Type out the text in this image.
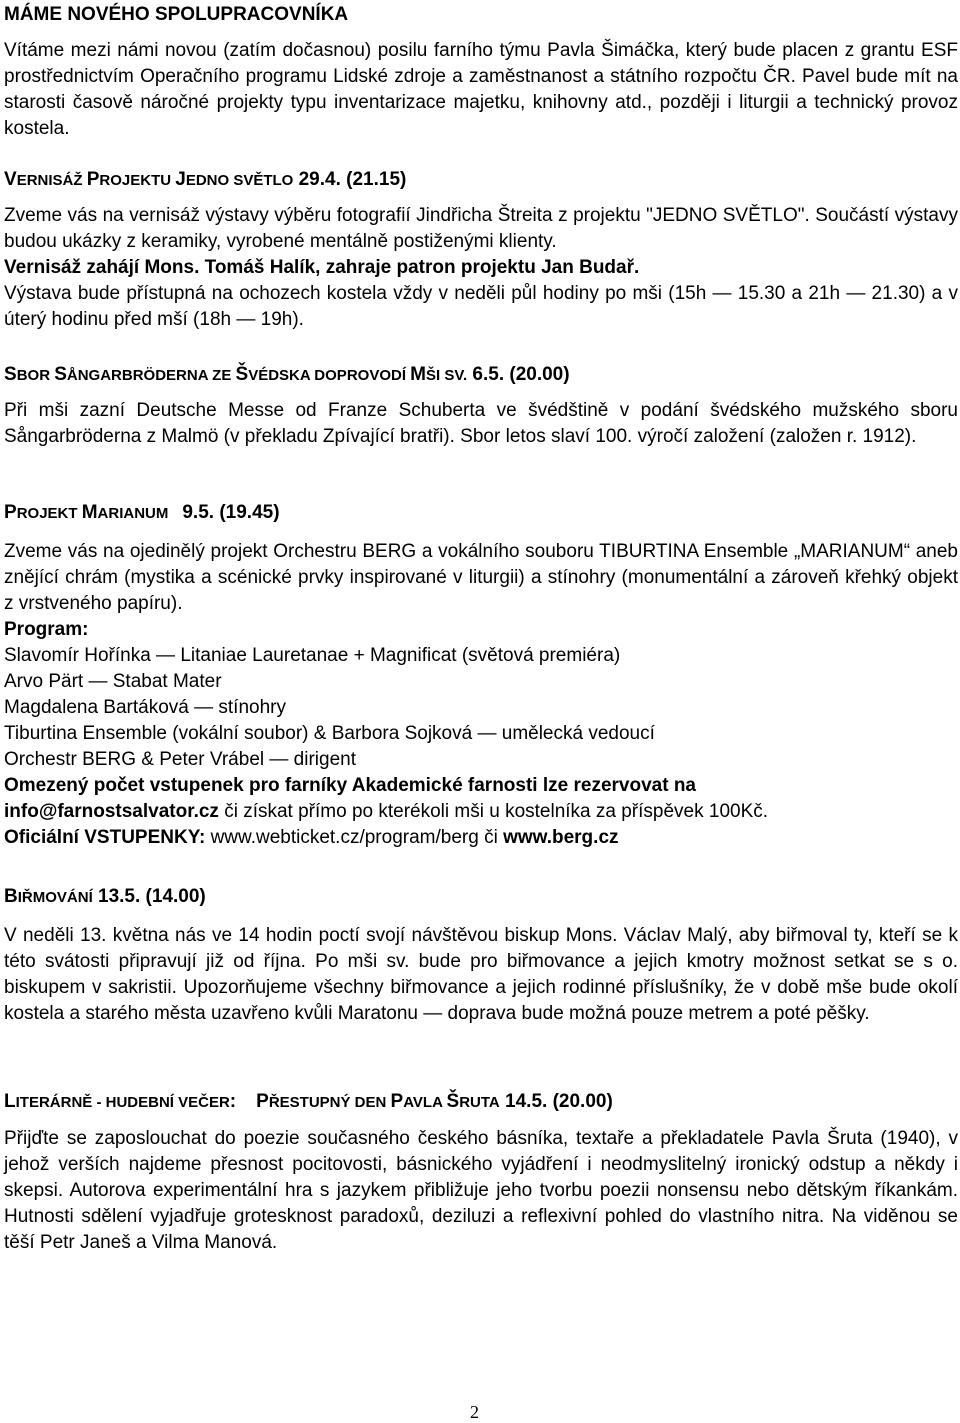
MÁME NOVÉHO SPOLUPRACOVNÍKA
Vítáme mezi námi novou (zatím dočasnou) posilu farního týmu Pavla Šimáčka, který bude placen z grantu ESF prostřednictvím Operačního programu Lidské zdroje a zaměstnanost a státního rozpočtu ČR. Pavel bude mít na starosti časově náročné projekty typu inventarizace majetku, knihovny atd., později i liturgii a technický provoz kostela.
VERNISÁŽ PROJEKTU JEDNO SVĚTLO 29.4. (21.15)
Zveme vás na vernisáž výstavy výběru fotografií Jindřicha Štreita z projektu "JEDNO SVĚTLO". Součástí výstavy budou ukázky z keramiky, vyrobené mentálně postiženými klienty.
Vernisáž zahájí Mons. Tomáš Halík, zahraje patron projektu Jan Budař.
Výstava bude přístupná na ochozech kostela vždy v neděli půl hodiny po mši (15h — 15.30 a 21h — 21.30) a v úterý hodinu před mší (18h — 19h).
SBOR SÅNGARBRÖDERNA ZE ŠVÉDSKA DOPROVODÍ MŠI SV. 6.5. (20.00)
Při mši zazní Deutsche Messe od Franze Schuberta ve švédštině v podání švédského mužského sboru Sångarbröderna z Malmö (v překladu Zpívající bratři). Sbor letos slaví 100. výročí založení (založen r. 1912).
PROJEKT MARIANUM 9.5. (19.45)
Zveme vás na ojedinělý projekt Orchestru BERG a vokálního souboru TIBURTINA Ensemble „MARIANUM“ aneb znějící chrám (mystika a scénické prvky inspirované v liturgii) a stínohry (monumentální a zároveň křehký objekt z vrstveného papíru).
Program:
Slavomír Hořínka — Litaniae Lauretanae + Magnificat (světová premiéra)
Arvo Pärt — Stabat Mater
Magdalena Bartáková — stínohry
Tiburtina Ensemble (vokální soubor) & Barbora Sojková — umělecká vedoucí
Orchestr BERG & Peter Vrábel — dirigent
Omezený počet vstupenek pro farníky Akademické farnosti lze rezervovat na
info@farnostsalvator.cz či získat přímo po kterékoli mši u kostelníka za příspěvek 100Kč.
Oficiální VSTUPENKY: www.webticket.cz/program/berg či www.berg.cz
BIŘMOVÁNÍ 13.5. (14.00)
V neděli 13. května nás ve 14 hodin poctí svojí návštěvou biskup Mons. Václav Malý, aby biřmoval ty, kteří se k této svátosti připravují již od října. Po mši sv. bude pro biřmovance a jejich kmotry možnost setkat se s o. biskupem v sakristii. Upozorňujeme všechny biřmovance a jejich rodinné příslušníky, že v době mše bude okolí kostela a starého města uzavřeno kvůli Maratonu — doprava bude možná pouze metrem a poté pěšky.
LITERÁRNĚ - HUDEBNÍ VEČER: PŘESTUPNÝ DEN PAVLA ŠRUTA 14.5. (20.00)
Přijďte se zaposlouchat do poezie současného českého básníka, textaře a překladatele Pavla Šruta (1940), v jehož verších najdeme přesnost pocitovosti, básnického vyjádření i neodmyslitelný ironický odstup a někdy i skepsi. Autorova experimentální hra s jazykem přibližuje jeho tvorbu poezii nonsensu nebo dětským říkankám. Hutnosti sdělení vyjadřuje grotesknost paradoxů, deziluzi a reflexivní pohled do vlastního nitra. Na viděnou se těší Petr Janeš a Vilma Manová.
2
